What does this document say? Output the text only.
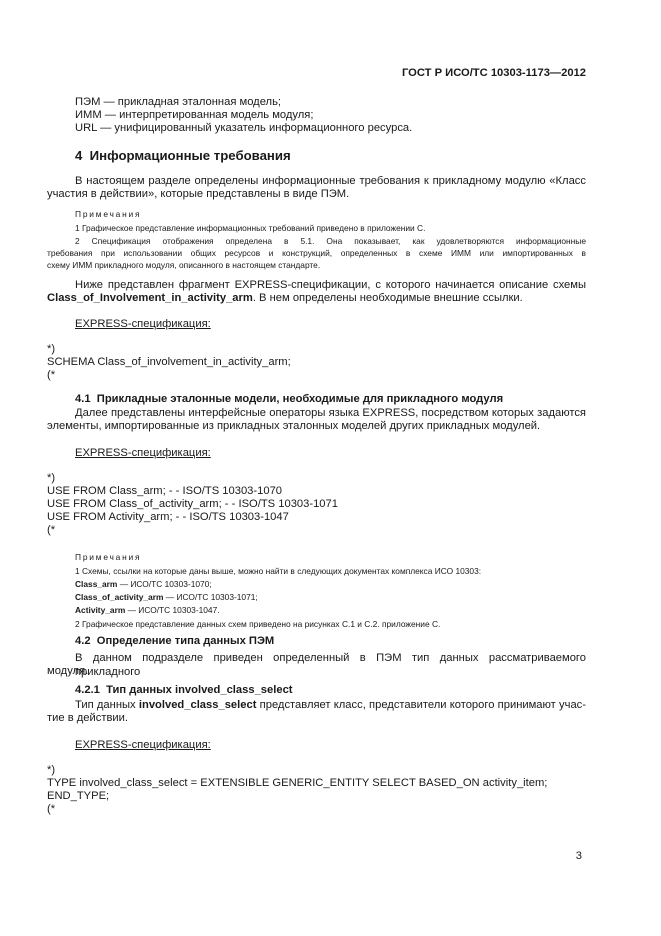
ГОСТ Р ИСО/ТС 10303-1173—2012
ПЭМ — прикладная эталонная модель;
ИММ — интерпретированная модель модуля;
URL — унифицированный указатель информационного ресурса.
4 Информационные требования
В настоящем разделе определены информационные требования к прикладному модулю «Класс
участия в действии», которые представлены в виде ПЭМ.
Примечания
1 Графическое представление информационных требований приведено в приложении С.
2 Спецификация отображения определена в 5.1. Она показывает, как удовлетворяются информационные
требования при использовании общих ресурсов и конструкций, определенных в схеме ИММ или импортированных в
схему ИММ прикладного модуля, описанного в настоящем стандарте.
Ниже представлен фрагмент EXPRESS-спецификации, с которого начинается описание схемы
Class_of_Involvement_in_activity_arm. В нем определены необходимые внешние ссылки.
EXPRESS-спецификация:
*)
SCHEMA Class_of_involvement_in_activity_arm;
(*
4.1 Прикладные эталонные модели, необходимые для прикладного модуля
Далее представлены интерфейсные операторы языка EXPRESS, посредством которых задаются
элементы, импортированные из прикладных эталонных моделей других прикладных модулей.
EXPRESS-спецификация:
*)
USE FROM Class_arm; - - ISO/TS 10303-1070
USE FROM Class_of_activity_arm; - - ISO/TS 10303-1071
USE FROM Activity_arm; - - ISO/TS 10303-1047
(*
Примечания
1 Схемы, ссылки на которые даны выше, можно найти в следующих документах комплекса ИСО 10303:
Class_arm — ИСО/ТС 10303-1070;
Class_of_activity_arm — ИСО/ТС 10303-1071;
Activity_arm — ИСО/ТС 10303-1047.
2 Графическое представление данных схем приведено на рисунках С.1 и С.2. приложение С.
4.2 Определение типа данных ПЭМ
В данном подразделе приведен определенный в ПЭМ тип данных рассматриваемого прикладного
модуля.
4.2.1 Тип данных involved_class_select
Тип данных involved_class_select представляет класс, представители которого принимают учас-
тие в действии.
EXPRESS-спецификация:
*)
TYPE involved_class_select = EXTENSIBLE GENERIC_ENTITY SELECT BASED_ON activity_item;
END_TYPE;
(*
3
